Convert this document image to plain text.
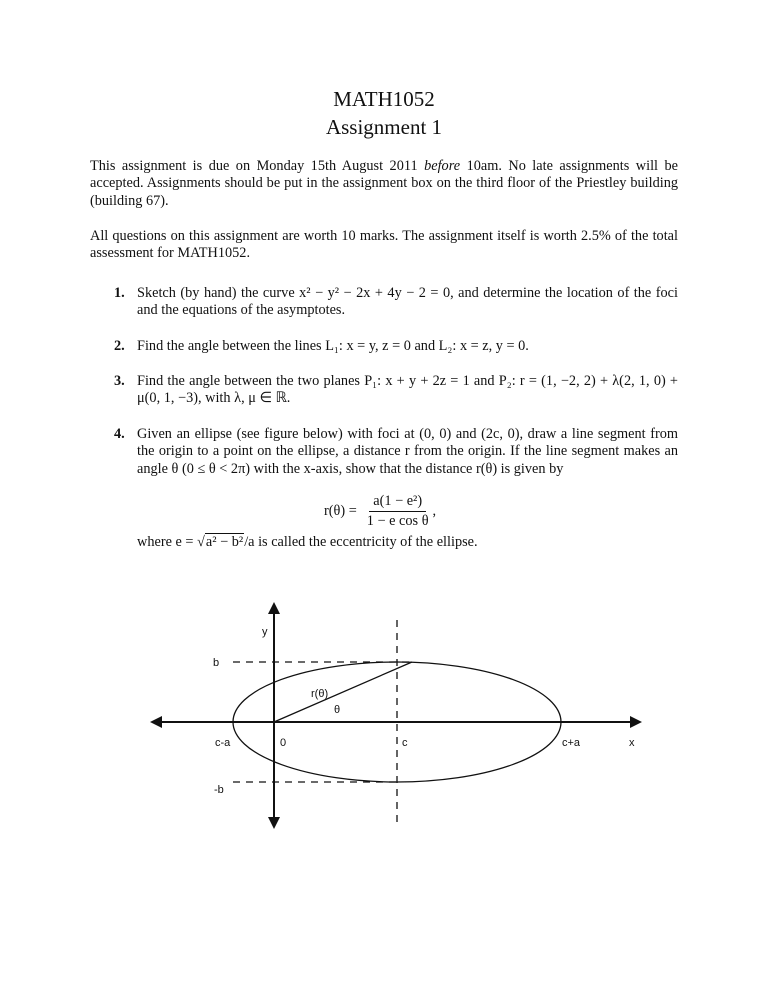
MATH1052
Assignment 1
This assignment is due on Monday 15th August 2011 before 10am. No late assignments will be accepted. Assignments should be put in the assignment box on the third floor of the Priestley building (building 67).
All questions on this assignment are worth 10 marks. The assignment itself is worth 2.5% of the total assessment for MATH1052.
1. Sketch (by hand) the curve x² − y² − 2x + 4y − 2 = 0, and determine the location of the foci and the equations of the asymptotes.
2. Find the angle between the lines L₁: x = y, z = 0 and L₂: x = z, y = 0.
3. Find the angle between the two planes P₁: x + y + 2z = 1 and P₂: r = (1, −2, 2) + λ(2, 1, 0) + μ(0, 1, −3), with λ, μ ∈ ℝ.
4. Given an ellipse (see figure below) with foci at (0, 0) and (2c, 0), draw a line segment from the origin to a point on the ellipse, a distance r from the origin. If the line segment makes an angle θ (0 ≤ θ < 2π) with the x-axis, show that the distance r(θ) is given by
$r(\theta) = \frac{\text{a(1 − e²)}}{\text{1 − e cos θ}}$ ,
where e = √a² − b²/a is called the eccentricity of the ellipse.
y
b
-b
r(θ)
θ
c-a	0	c	c+a	x
